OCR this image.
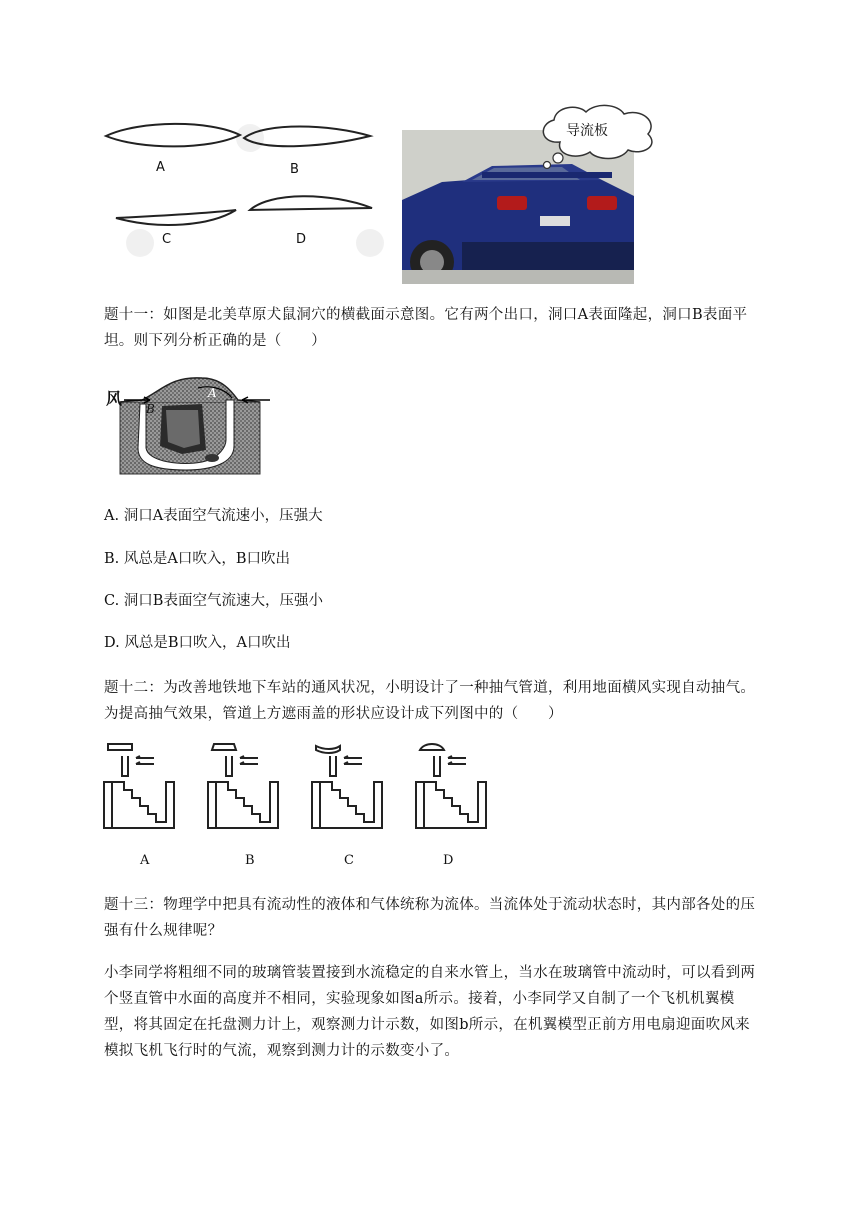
A	B
C	D
导流板
题十一：如图是北美草原犬鼠洞穴的横截面示意图。它有两个出口，洞口A表面隆起，洞口B表面平坦。则下列分析正确的是（　　）
风	A
B
A. 洞口A表面空气流速小，压强大
B. 风总是A口吹入，B口吹出
C. 洞口B表面空气流速大，压强小
D. 风总是B口吹入，A口吹出
题十二：为改善地铁地下车站的通风状况，小明设计了一种抽气管道，利用地面横风实现自动抽气。为提高抽气效果，管道上方遮雨盖的形状应设计成下列图中的（　　）
A	B	C	D
题十三：物理学中把具有流动性的液体和气体统称为流体。当流体处于流动状态时，其内部各处的压强有什么规律呢？
小李同学将粗细不同的玻璃管装置接到水流稳定的自来水管上，当水在玻璃管中流动时，可以看到两个竖直管中水面的高度并不相同，实验现象如图a所示。接着，小李同学又自制了一个飞机机翼模型，将其固定在托盘测力计上，观察测力计示数，如图b所示，在机翼模型正前方用电扇迎面吹风来模拟飞机飞行时的气流，观察到测力计的示数变小了。
